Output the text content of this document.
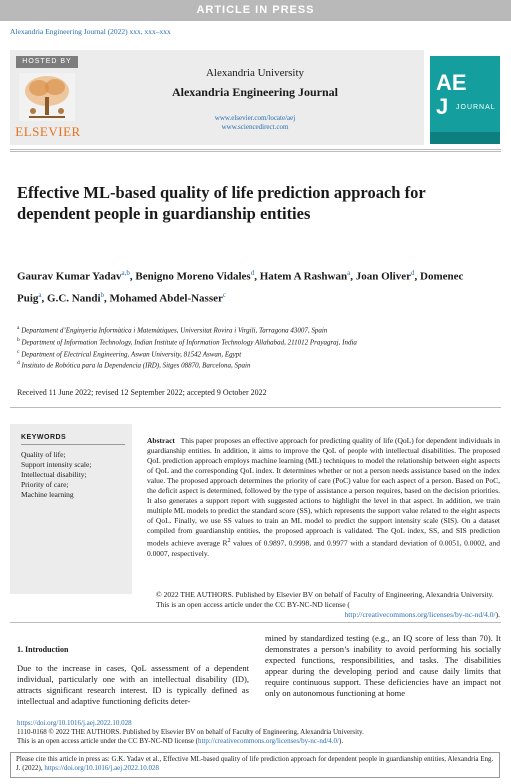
ARTICLE IN PRESS
Alexandria Engineering Journal (2022) xxx, xxx–xxx
HOSTED BY
ELSEVIER
Alexandria University
Alexandria Engineering Journal
www.elsevier.com/locate/aej
www.sciencedirect.com
AE
J JOURNAL
Effective ML-based quality of life prediction approach for dependent people in guardianship entities
Gaurav Kumar Yadav$^{a,b}$, Benigno Moreno Vidales$^d$, Hatem A Rashwan$^a$, Joan Oliver$^d$, Domenec Puig$^a$, G.C. Nandi$^b$, Mohamed Abdel-Nasser$^c$
$^a$ Departament d’Enginyeria Informàtica i Matemàtiques, Universitat Rovira i Virgili, Tarragona 43007, Spain
$^b$ Department of Information Technology, Indian Institute of Information Technology Allahabad, 211012 Prayagraj, India
$^c$ Department of Electrical Engineering, Aswan University, 81542 Aswan, Egypt
$^d$ Instituto de Robótica para la Dependencia (IRD), Sitges 08870, Barcelona, Spain
Received 11 June 2022; revised 12 September 2022; accepted 9 October 2022
KEYWORDS
Quality of life;
Support intensity scale;
Intellectual disability;
Priority of care;
Machine learning
Abstract This paper proposes an effective approach for predicting quality of life (QoL) for dependent individuals in guardianship entities. In addition, it aims to improve the QoL of people with intellectual disabilities. The proposed QoL prediction approach employs machine learning (ML) techniques to model the relationship between eight aspects of QoL and the corresponding QoL index. It determines whether or not a person needs assistance based on the index value. The proposed approach determines the priority of care (PoC) value for each aspect of a person. Based on PoC, the deficit aspect is determined, followed by the type of assistance a person requires, based on the decision priorities. It also generates a support report with suggested actions to highlight the level in that aspect. In addition, we train multiple ML models to predict the standard score (SS), which represents the support value related to the eight aspects of QoL. Finally, we use SS values to train an ML model to predict the support intensity scale (SIS). On a dataset compiled from guardianship entities, the proposed approach is validated. The QoL index, SS, and SIS prediction models achieve average $R^2$ values of 0.9897, 0.9998, and 0.9977 with a standard deviation of 0.0051, 0.0002, and 0.0007, respectively.
© 2022 THE AUTHORS. Published by Elsevier BV on behalf of Faculty of Engineering, Alexandria University. This is an open access article under the CC BY-NC-ND license (
http://creativecommons.org/licenses/by-nc-nd/4.0/).
1. Introduction
Due to the increase in cases, QoL assessment of a dependent individual, particularly one with an intellectual disability (ID), attracts significant research interest. ID is typically defined as intellectual and adaptive functioning deficits deter-
mined by standardized testing (e.g., an IQ score of less than 70). It demonstrates a person’s inability to avoid performing his socially expected functions, responsibilities, and tasks. The disabilities appear during the developing period and cause daily limits that require continuous support. These deficiencies have an impact not only on autonomous functioning at home
https://doi.org/10.1016/j.aej.2022.10.028
1110-0168 © 2022 THE AUTHORS. Published by Elsevier BV on behalf of Faculty of Engineering, Alexandria University.
This is an open access article under the CC BY-NC-ND license (http://creativecommons.org/licenses/by-nc-nd/4.0/).
Please cite this article in press as: G.K. Yadav et al., Effective ML-based quality of life prediction approach for dependent people in guardianship entities, Alexandria Eng. J. (2022), https://doi.org/10.1016/j.aej.2022.10.028
